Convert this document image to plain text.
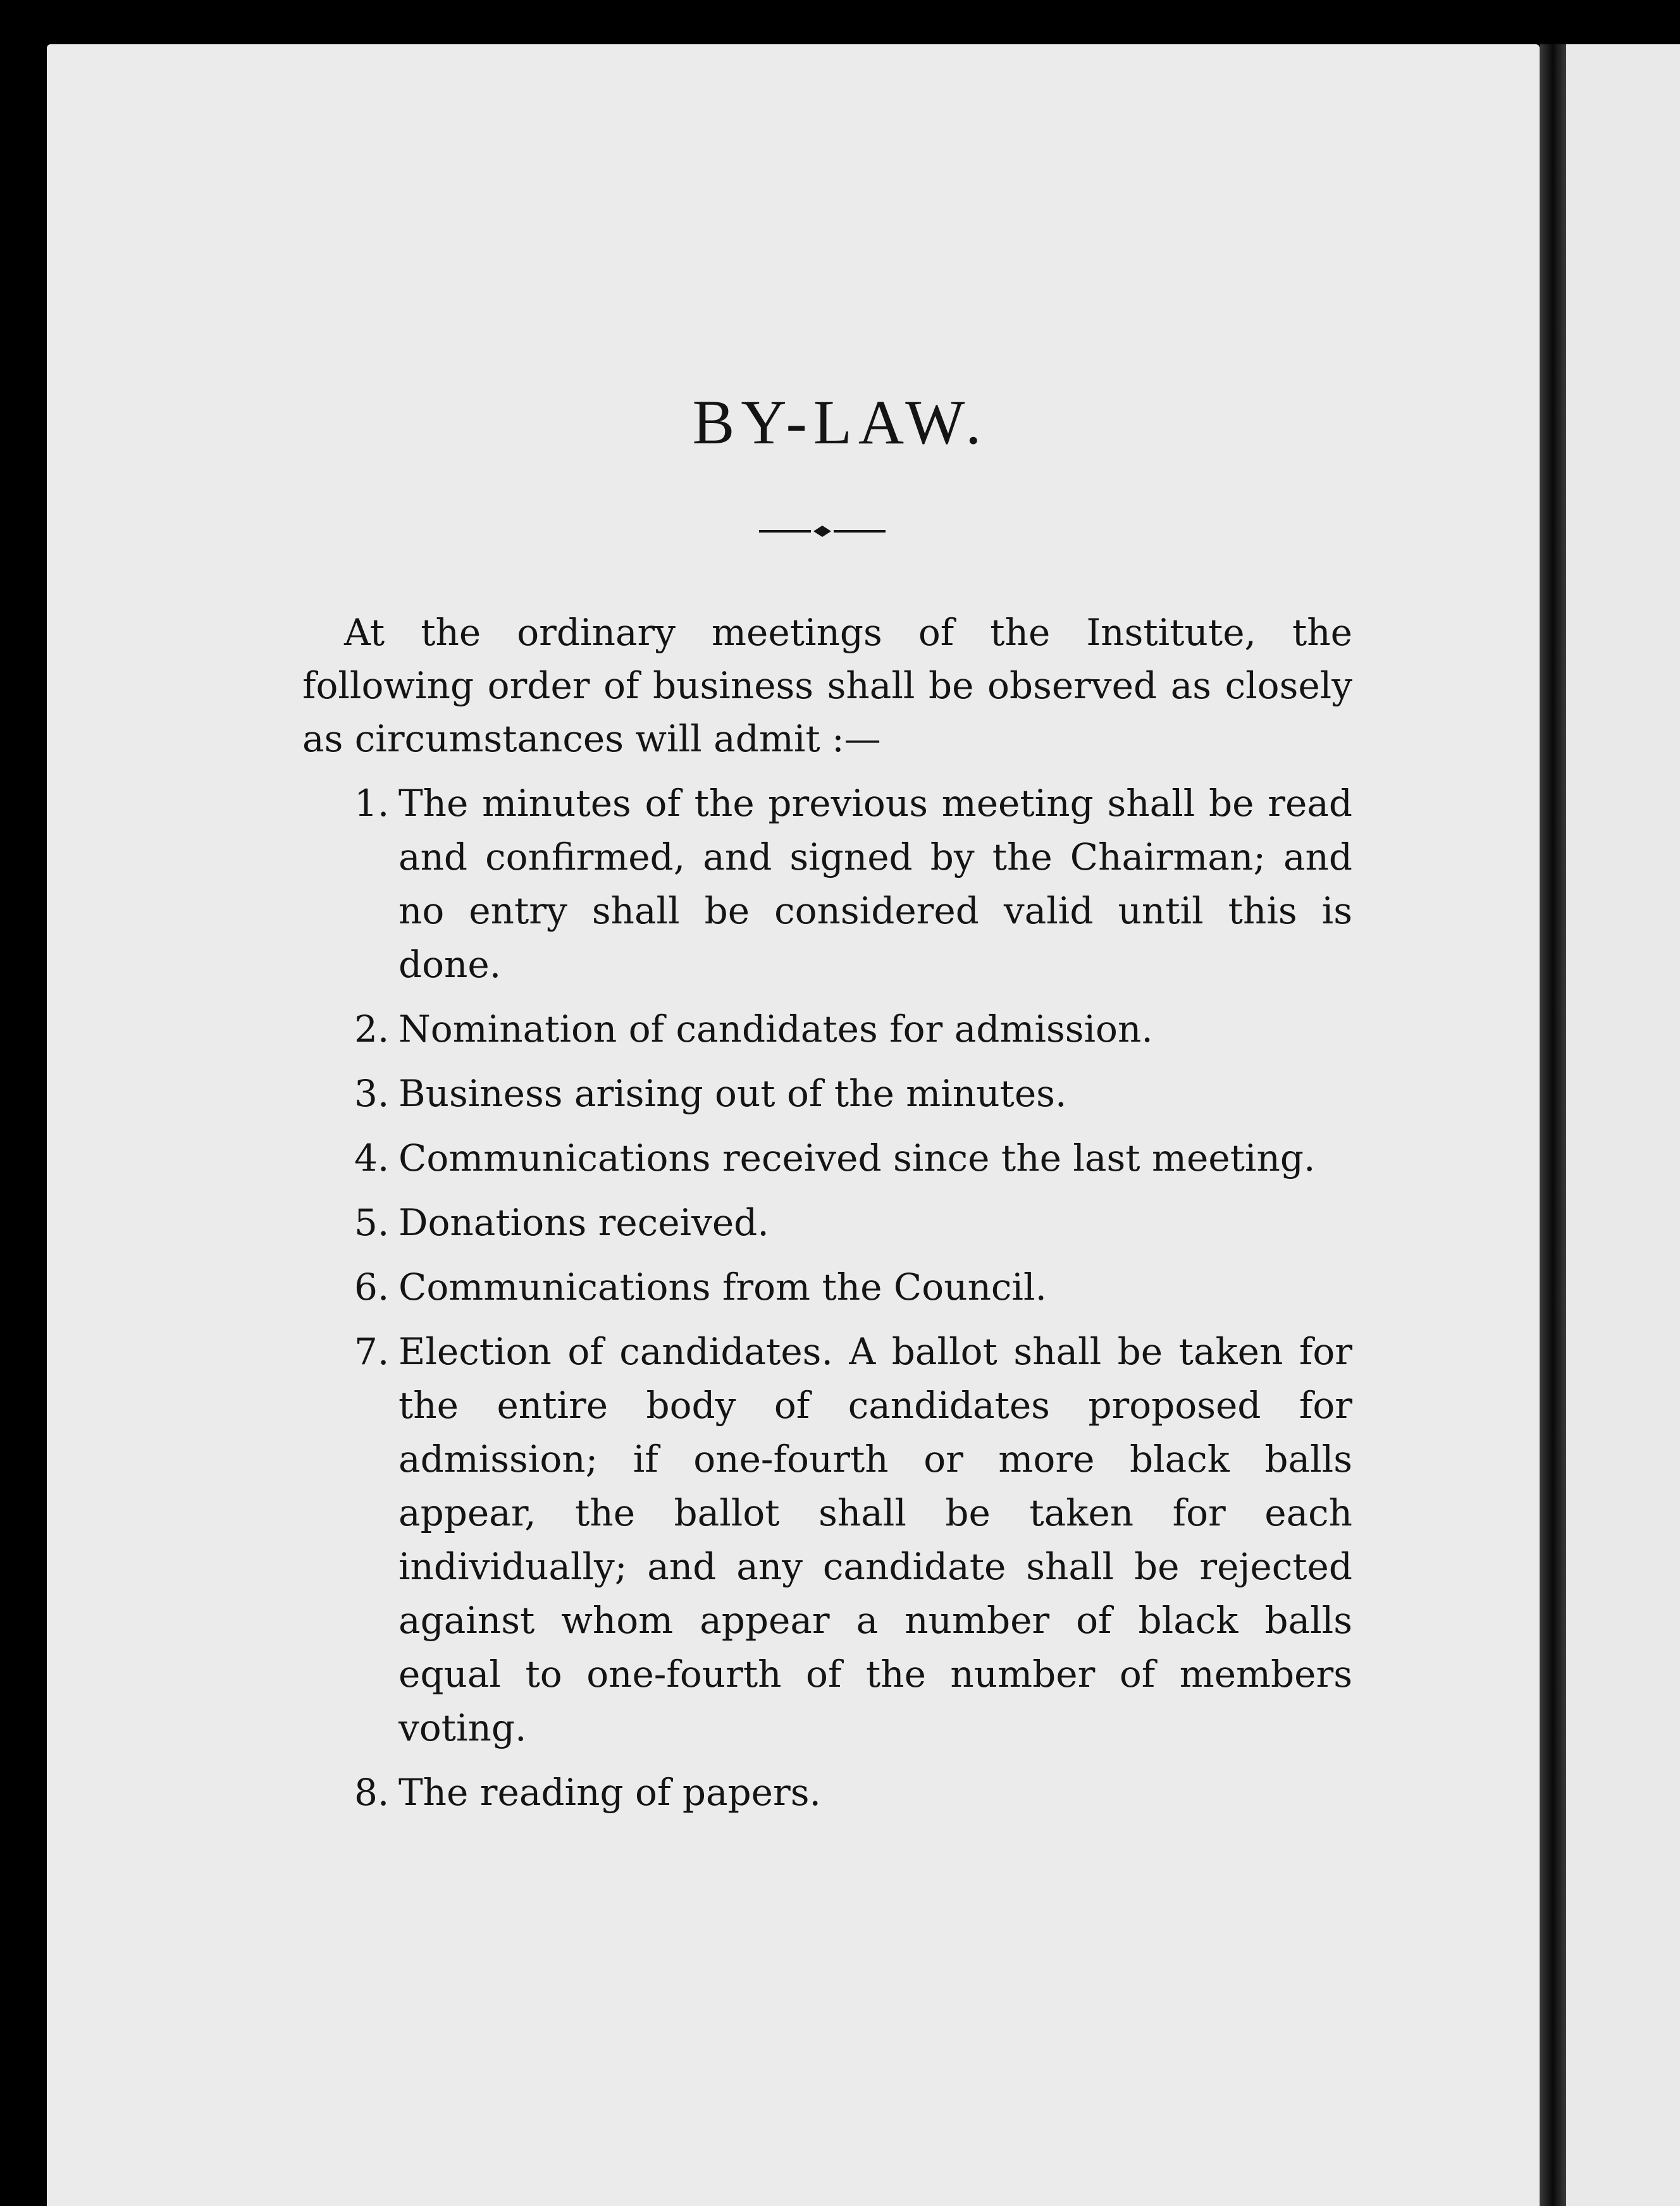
BY-LAW.

At the ordinary meetings of the Institute, the following order of business shall be observed as closely as circumstances will admit :—

1. The minutes of the previous meeting shall be read and confirmed, and signed by the Chairman; and no entry shall be considered valid until this is done.
2. Nomination of candidates for admission.
3. Business arising out of the minutes.
4. Communications received since the last meeting.
5. Donations received.
6. Communications from the Council.
7. Election of candidates. A ballot shall be taken for the entire body of candidates proposed for admission; if one-fourth or more black balls appear, the ballot shall be taken for each individually; and any candidate shall be rejected against whom appear a number of black balls equal to one-fourth of the number of members voting.
8. The reading of papers.
